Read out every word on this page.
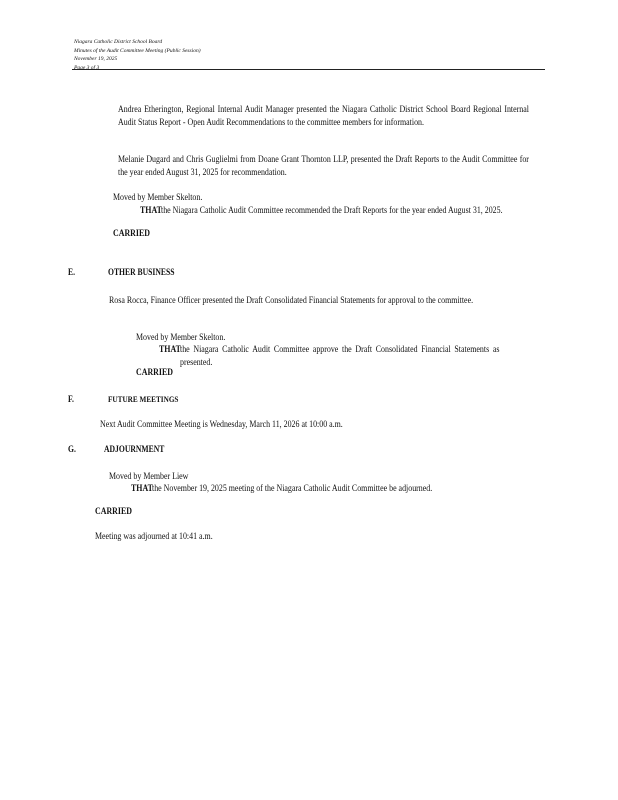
Niagara Catholic District School Board
Minutes of the Audit Committee Meeting (Public Session)
November 19, 2025
Page 3 of 3
Andrea Etherington, Regional Internal Audit Manager presented the Niagara Catholic District School Board Regional Internal Audit Status Report - Open Audit Recommendations to the committee members for information.
Melanie Dugard and Chris Guglielmi from Doane Grant Thornton LLP, presented the Draft Reports to the Audit Committee for the year ended August 31, 2025 for recommendation.
Moved by Member Skelton.
THAT the Niagara Catholic Audit Committee recommended the Draft Reports for the year ended August 31, 2025.
CARRIED
E.	OTHER BUSINESS
Rosa Rocca, Finance Officer presented the Draft Consolidated Financial Statements for approval to the committee.
Moved by Member Skelton.
THAT the Niagara Catholic Audit Committee approve the Draft Consolidated Financial Statements as presented.
CARRIED
F.	FUTURE MEETINGS
Next Audit Committee Meeting is Wednesday, March 11, 2026 at 10:00 a.m.
G.	ADJOURNMENT
Moved by Member Liew
THAT the November 19, 2025 meeting of the Niagara Catholic Audit Committee be adjourned.
CARRIED
Meeting was adjourned at 10:41 a.m.
